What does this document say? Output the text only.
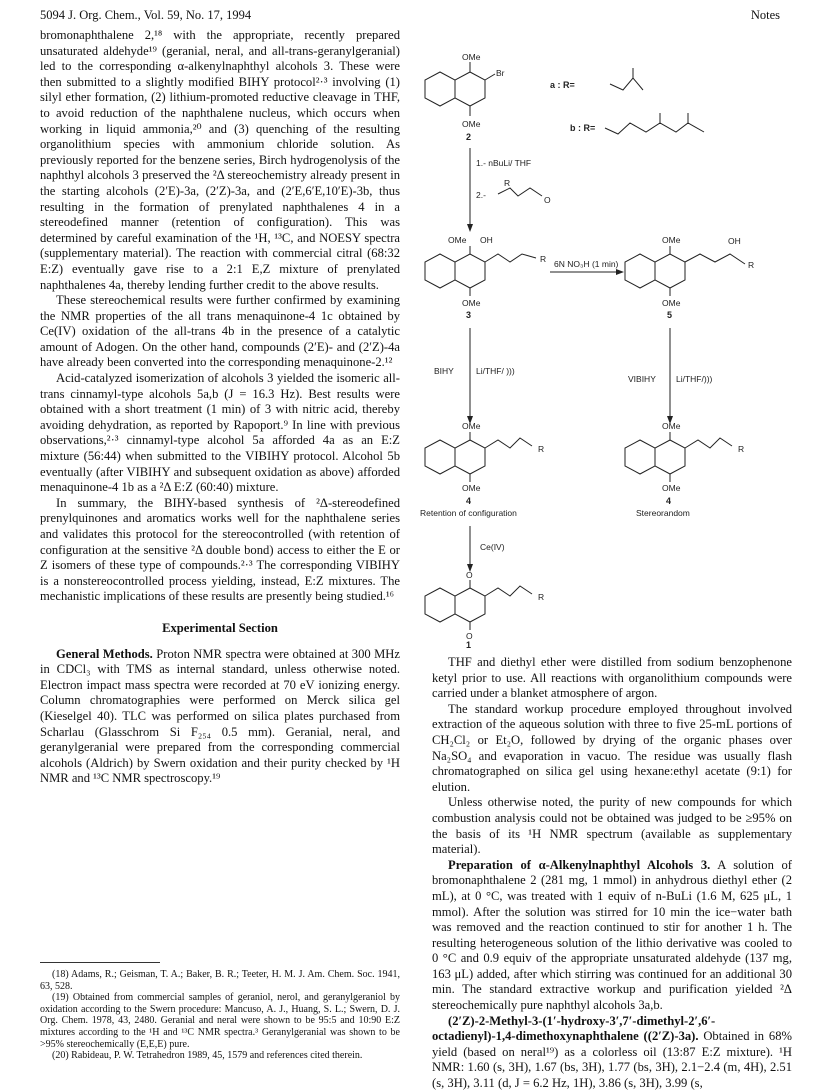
5094 J. Org. Chem., Vol. 59, No. 17, 1994	Notes

bromonaphthalene 2,¹⁸ with the appropriate, recently prepared unsaturated aldehyde¹⁹ (geranial, neral, and all-trans-geranylgeranial) led to the corresponding α-alkenylnaphthyl alcohols 3. These were then submitted to a slightly modified BIHY protocol²·³ involving (1) silyl ether formation, (2) lithium-promoted reductive cleavage in THF, to avoid reduction of the naphthalene nucleus, which occurs when working in liquid ammonia,²⁰ and (3) quenching of the resulting organolithium species with ammonium chloride solution. As previously reported for the benzene series, Birch hydrogenolysis of the naphthyl alcohols 3 preserved the ²Δ stereochemistry already present in the starting alcohols (2′E)-3a, (2′Z)-3a, and (2′E,6′E,10′E)-3b, thus resulting in the formation of prenylated naphthalenes 4 in a stereodefined manner (retention of configuration). This was determined by careful examination of the ¹H, ¹³C, and NOESY spectra (supplementary material). The reaction with commercial citral (68:32 E:Z) eventually gave rise to a 2:1 E,Z mixture of prenylated naphthalenes 4a, thereby lending further credit to the above results.

These stereochemical results were further confirmed by examining the NMR properties of the all trans menaquinone-4 1c obtained by Ce(IV) oxidation of the all-trans 4b in the presence of a catalytic amount of Adogen. On the other hand, compounds (2′E)- and (2′Z)-4a have already been converted into the corresponding menaquinone-2.¹²

Acid-catalyzed isomerization of alcohols 3 yielded the isomeric all-trans cinnamyl-type alcohols 5a,b (J = 16.3 Hz). Best results were obtained with a short treatment (1 min) of 3 with nitric acid, thereby avoiding dehydration, as reported by Rapoport.⁹ In line with previous observations,²·³ cinnamyl-type alcohol 5a afforded 4a as an E:Z mixture (56:44) when submitted to the VIBIHY protocol. Alcohol 5b eventually (after VIBIHY and subsequent oxidation as above) afforded menaquinone-4 1b as a ²Δ E:Z (60:40) mixture.

In summary, the BIHY-based synthesis of ²Δ-stereodefined prenylquinones and aromatics works well for the naphthalene series and validates this protocol for the stereocontrolled (with retention of configuration at the sensitive ²Δ double bond) access to either the E or Z isomers of these type of compounds.²·³ The corresponding VIBIHY is a nonstereocontrolled process yielding, instead, E:Z mixtures. The mechanistic implications of these results are presently being studied.¹⁶

Experimental Section

General Methods. Proton NMR spectra were obtained at 300 MHz in CDCl₃ with TMS as internal standard, unless otherwise noted. Electron impact mass spectra were recorded at 70 eV ionizing energy. Column chromatographies were performed on Merck silica gel (Kieselgel 40). TLC was performed on silica plates purchased from Scharlau (Glasschrom Si F₂₅₄ 0.5 mm). Geranial, neral, and geranylgeranial were prepared from the corresponding commercial alcohols (Aldrich) by Swern oxidation and their purity checked by ¹H NMR and ¹³C NMR spectroscopy.¹⁹

(18) Adams, R.; Geisman, T. A.; Baker, B. R.; Teeter, H. M. J. Am. Chem. Soc. 1941, 63, 528.

(19) Obtained from commercial samples of geraniol, nerol, and geranylgeraniol by oxidation according to the Swern procedure: Mancuso, A. J., Huang, S. L.; Swern, D. J. Org. Chem. 1978, 43, 2480. Geranial and neral were shown to be 95:5 and 10:90 E:Z mixtures according to the ¹H and ¹³C NMR spectra.³ Geranylgeranial was shown to be >95% stereochemically (E,E,E) pure.

(20) Rabideau, P. W. Tetrahedron 1989, 45, 1579 and references cited therein.

THF and diethyl ether were distilled from sodium benzophenone ketyl prior to use. All reactions with organolithium compounds were carried under a blanket atmosphere of argon.

The standard workup procedure employed throughout involved extraction of the aqueous solution with three to five 25-mL portions of CH₂Cl₂ or Et₂O, followed by drying of the organic phases over Na₂SO₄ and evaporation in vacuo. The residue was usually flash chromatographed on silica gel using hexane:ethyl acetate (9:1) for elution.

Unless otherwise noted, the purity of new compounds for which combustion analysis could not be obtained was judged to be ≥95% on the basis of its ¹H NMR spectrum (available as supplementary material).

Preparation of α-Alkenylnaphthyl Alcohols 3. A solution of bromonaphthalene 2 (281 mg, 1 mmol) in anhydrous diethyl ether (2 mL), at 0 °C, was treated with 1 equiv of n-BuLi (1.6 M, 625 μL, 1 mmol). After the solution was stirred for 10 min the ice−water bath was removed and the reaction continued to stir for another 1 h. The resulting heterogeneous solution of the lithio derivative was cooled to 0 °C and 0.9 equiv of the appropriate unsaturated aldehyde (137 mg, 163 μL) added, after which stirring was continued for an additional 30 min. The standard extractive workup and purification yielded ²Δ stereochemically pure naphthyl alcohols 3a,b.

(2′Z)-2-Methyl-3-(1′-hydroxy-3′,7′-dimethyl-2′,6′-octadienyl)-1,4-dimethoxynaphthalene ((2′Z)-3a). Obtained in 68% yield (based on neral¹⁹) as a colorless oil (13:87 E:Z mixture). ¹H NMR: 1.60 (s, 3H), 1.67 (bs, 3H), 1.77 (bs, 3H), 2.1−2.4 (m, 4H), 2.51 (s, 3H), 3.11 (d, J = 6.2 Hz, 1H), 3.86 (s, 3H), 3.99 (s,

OMe
Br
OMe
2
a : R=
b : R=
1.- nBuLi/ THF
2.-
R
O
OMe OH
R
OMe
3
6N NO₃H (1 min)
OMe	OH
R
OMe
5
BIHY	Li/THF/ )))
VIBIHY Li/THF/)))
OMe
R
OMe
4
Retention of configuration
OMe
R
OMe
4
Stereorandom
Ce(IV)
O
R
O
1
